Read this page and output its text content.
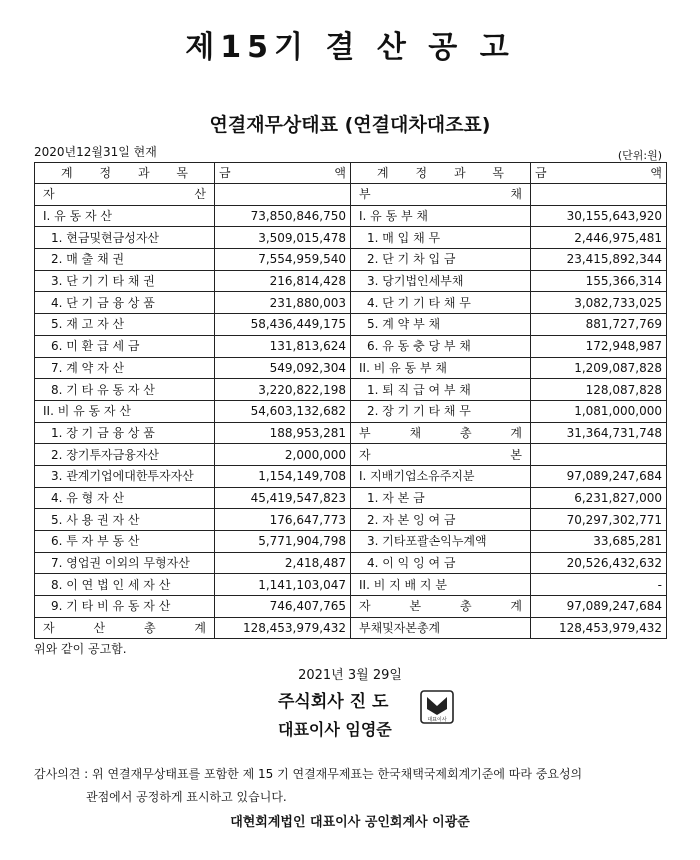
제15기 결 산 공 고
연결재무상태표 (연결대차대조표)
2020년12월31일 현재	(단위:원)
계 정 과 목	금 액	계 정 과 목	금 액

자 산		부 채	
I. 유 동 자 산	73,850,846,750	I. 유 동 부 채	30,155,643,920
1. 현금및현금성자산	3,509,015,478	1. 매 입 채 무	2,446,975,481
2. 매 출 채 권	7,554,959,540	2. 단 기 차 입 금	23,415,892,344
3. 단 기 기 타 채 권	216,814,428	3. 당기법인세부채	155,366,314
4. 단 기 금 융 상 품	231,880,003	4. 단 기 기 타 채 무	3,082,733,025
5. 재 고 자 산	58,436,449,175	5. 계 약 부 채	881,727,769
6. 미 환 급 세 금	131,813,624	6. 유 동 충 당 부 채	172,948,987
7. 계 약 자 산	549,092,304	II. 비 유 동 부 채	1,209,087,828
8. 기 타 유 동 자 산	3,220,822,198	1. 퇴 직 급 여 부 채	128,087,828
II. 비 유 동 자 산	54,603,132,682	2. 장 기 기 타 채 무	1,081,000,000
1. 장 기 금 융 상 품	188,953,281	부 채 총 계	31,364,731,748
2. 장기투자금융자산	2,000,000	자 본	
3. 관계기업에대한투자자산	1,154,149,708	I. 지배기업소유주지분	97,089,247,684
4. 유 형 자 산	45,419,547,823	1. 자 본 금	6,231,827,000
5. 사 용 권 자 산	176,647,773	2. 자 본 잉 여 금	70,297,302,771
6. 투 자 부 동 산	5,771,904,798	3. 기타포괄손익누계액	33,685,281
7. 영업권 이외의 무형자산	2,418,487	4. 이 익 잉 여 금	20,526,432,632
8. 이 연 법 인 세 자 산	1,141,103,047	II. 비 지 배 지 분	-
9. 기 타 비 유 동 자 산	746,407,765	자 본 총 계	97,089,247,684
자 산 총 계	128,453,979,432	부채및자본총계	128,453,979,432
위와 같이 공고함.
2021년 3월 29일
주식회사 진 도
대표이사 임영준	대표이사
감사의견 : 위 연결재무상태표를 포함한 제 15 기 연결재무제표는 한국채택국제회계기준에 따라 중요성의
관점에서 공정하게 표시하고 있습니다.
대현회계법인 대표이사 공인회계사 이광준
